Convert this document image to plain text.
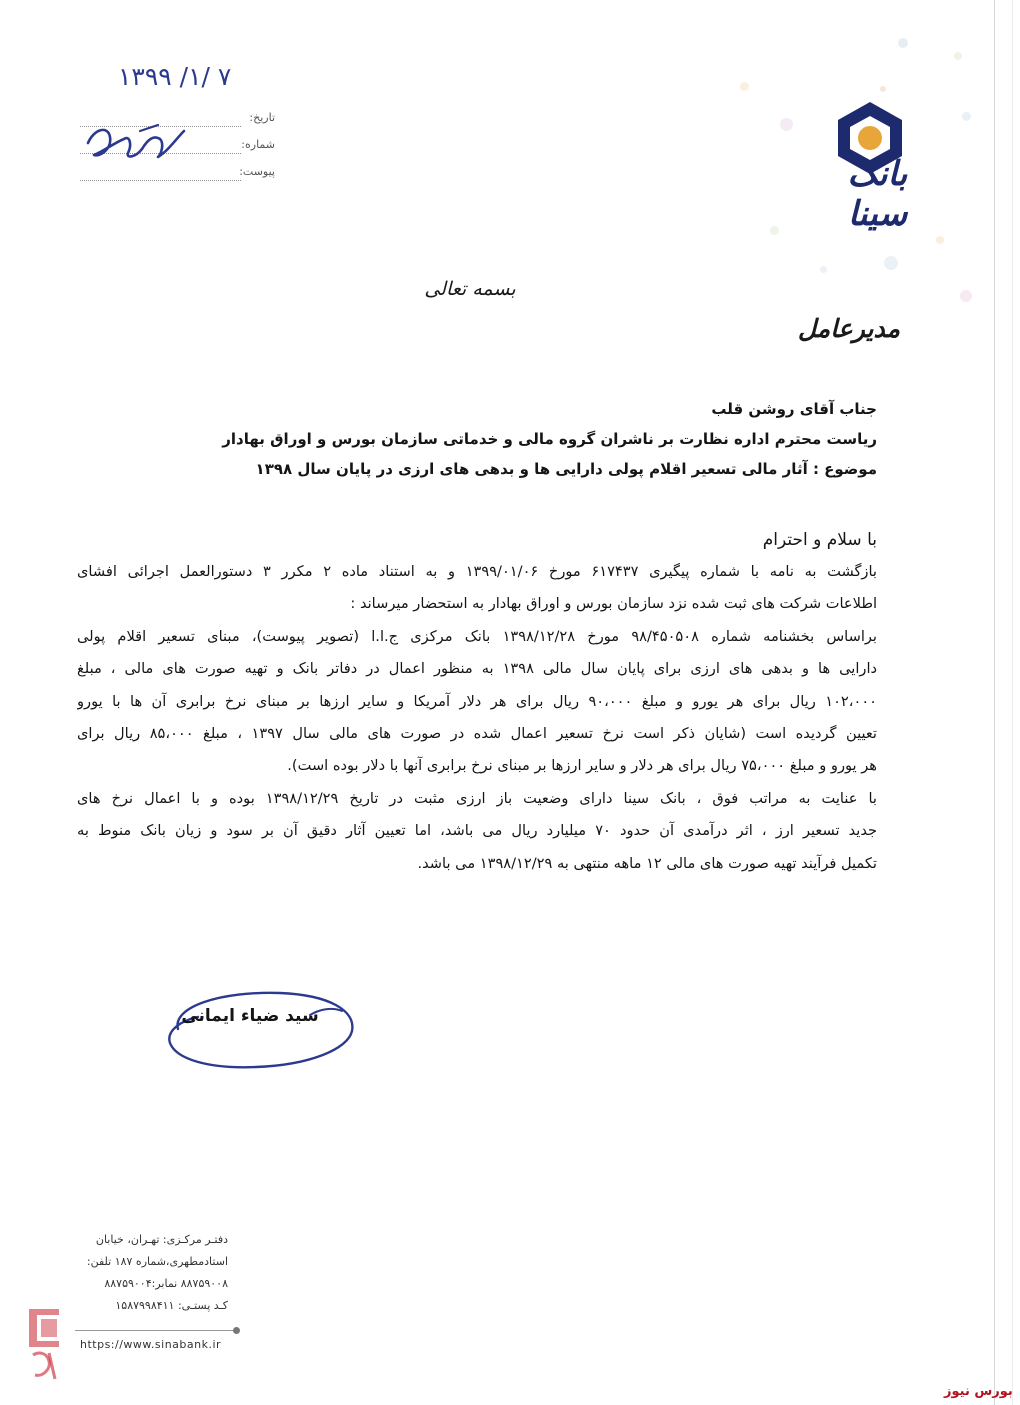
۱۳۹۹ /۱/ ۷
تاریخ:
شماره:
پیوست:	بانک سینا
بسمه تعالی
مدیرعامل
جناب آقای روشن قلب
ریاست محترم اداره نظارت بر ناشران گروه مالی و خدماتی سازمان بورس و اوراق بهادار
موضوع : آثار مالی تسعیر اقلام پولی دارایی ها و بدهی های ارزی در پایان سال ۱۳۹۸
با سلام و احترام
بازگشت به نامه با شماره پیگیری ۶۱۷۴۳۷ مورخ ۱۳۹۹/۰۱/۰۶ و به استناد ماده ۲ مکرر ۳ دستورالعمل اجرائی افشای
اطلاعات شرکت های ثبت شده نزد سازمان بورس و اوراق بهادار به استحضار میرساند :
براساس بخشنامه شماره ۹۸/۴۵۰۵۰۸ مورخ ۱۳۹۸/۱۲/۲۸ بانک مرکزی ج.ا.ا (تصویر پیوست)، مبنای تسعیر اقلام پولی
دارایی ها و بدهی های ارزی برای پایان سال مالی ۱۳۹۸ به منظور اعمال در دفاتر بانک و تهیه صورت های مالی ، مبلغ
۱۰۲،۰۰۰ ریال برای هر یورو و مبلغ ۹۰،۰۰۰ ریال برای هر دلار آمریکا و سایر ارزها بر مبنای نرخ برابری آن ها با یورو
تعیین گردیده است (شایان ذکر است نرخ تسعیر اعمال شده در صورت های مالی سال ۱۳۹۷ ، مبلغ ۸۵،۰۰۰ ریال برای
هر یورو و مبلغ ۷۵،۰۰۰ ریال برای هر دلار و سایر ارزها بر مبنای نرخ برابری آنها با دلار بوده است).
با عنایت به مراتب فوق ، بانک سینا دارای وضعیت باز ارزی مثبت در تاریخ ۱۳۹۸/۱۲/۲۹ بوده و با اعمال نرخ های
جدید تسعیر ارز ، اثر درآمدی آن حدود ۷۰ میلیارد ریال می باشد، اما تعیین آثار دقیق آن بر سود و زیان بانک منوط به
تکمیل فرآیند تهیه صورت های مالی ۱۲ ماهه منتهی به ۱۳۹۸/۱۲/۲۹ می باشد.
سید ضیاء ایمانی
دفتـر مرکـزی: تهـران، خیابان
استادمطهری،شماره ۱۸۷ تلفن:
۸۸۷۵۹۰۰۸ نمابر:۸۸۷۵۹۰۰۴
کـد پستـی: ۱۵۸۷۹۹۸۴۱۱
https://www.sinabank.ir
بورس نیوز
